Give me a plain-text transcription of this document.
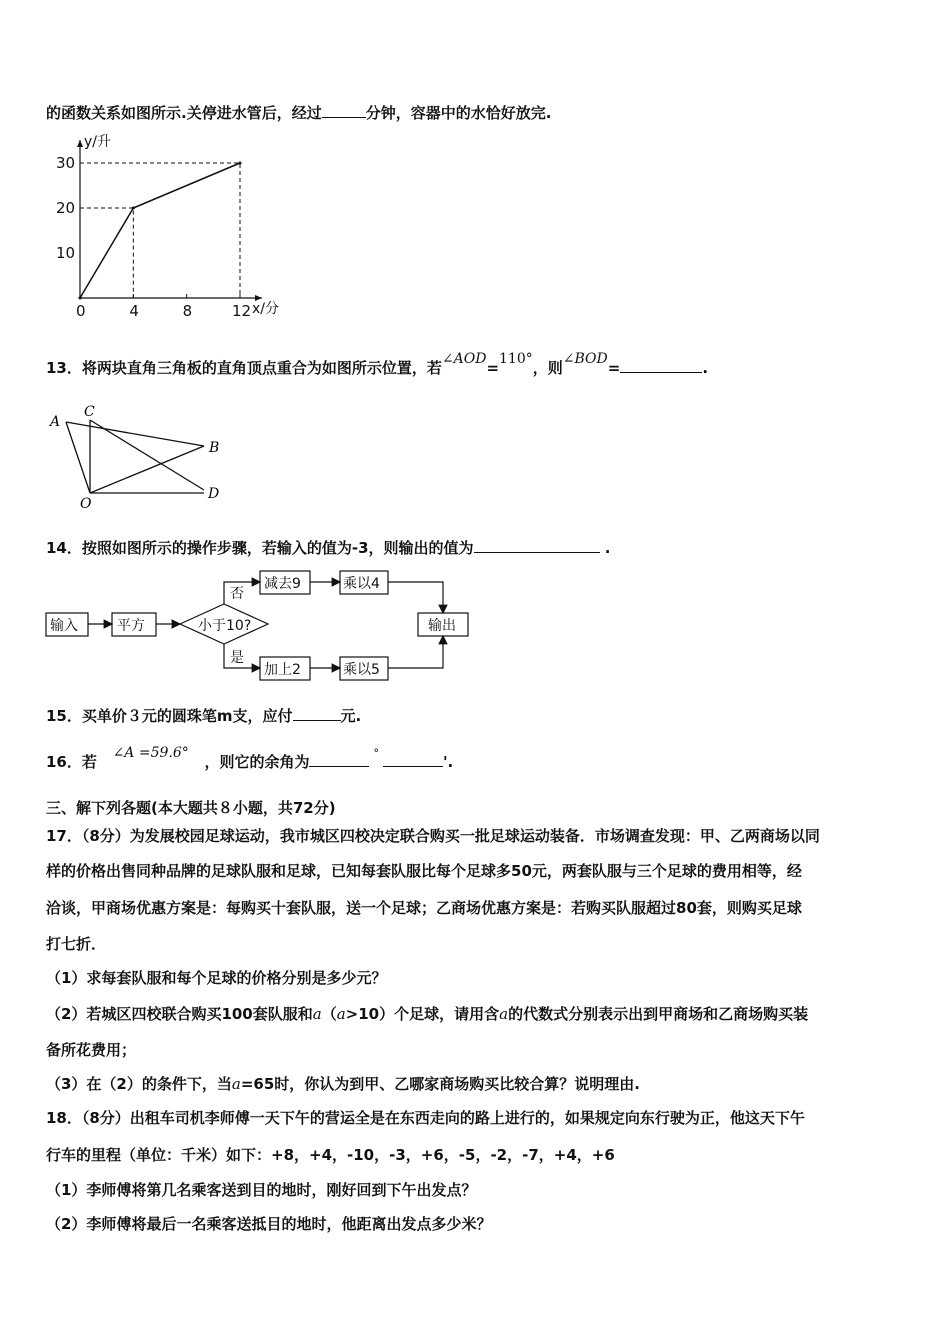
的函数关系如图所示.关停进水管后，经过	分钟，容器中的水恰好放完.
0	4	8	12
10
20
30
y/升
x/分
13．将两块直角三角板的直角顶点重合为如图所示位置，若∠AOD=110°，则∠BOD=	.
A
C
B
D
O
14．按照如图所示的操作步骤，若输入的值为-3，则输出的值为	.
输入	平方	小于10?
否
是
减去9	乘以4
输出
加上2	乘以5
15．买单价３元的圆珠笔m支，应付	元.
16．若 ∠A =59.6° ，则它的余角为	°	'.
三、解下列各题(本大题共８小题，共72分)
17．（8分）为发展校园足球运动，我市城区四校决定联合购买一批足球运动装备．市场调查发现：甲、乙两商场以同
样的价格出售同种品牌的足球队服和足球，已知每套队服比每个足球多50元，两套队服与三个足球的费用相等，经
洽谈，甲商场优惠方案是：每购买十套队服，送一个足球；乙商场优惠方案是：若购买队服超过80套，则购买足球
打七折．
（1）求每套队服和每个足球的价格分别是多少元？
（2）若城区四校联合购买100套队服和a（a>10）个足球，请用含a的代数式分别表示出到甲商场和乙商场购买装
备所花费用；
（3）在（2）的条件下，当a=65时，你认为到甲、乙哪家商场购买比较合算？说明理由.
18．（8分）出租车司机李师傅一天下午的营运全是在东西走向的路上进行的，如果规定向东行驶为正，他这天下午
行车的里程（单位：千米）如下：+8，+4，-10，-3，+6，-5，-2，-7，+4，+6
（1）李师傅将第几名乘客送到目的地时，刚好回到下午出发点？
（2）李师傅将最后一名乘客送抵目的地时，他距离出发点多少米？
